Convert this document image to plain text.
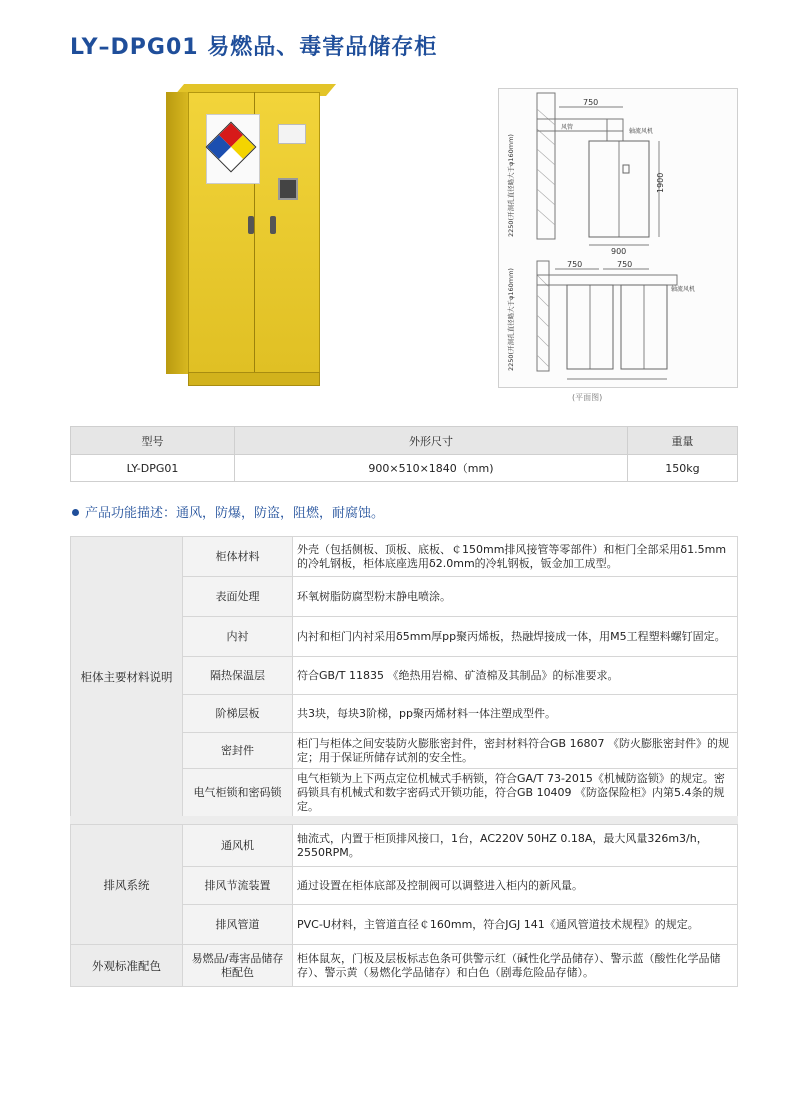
LY–DPG01 易燃品、毒害品储存柜
750
1900
900
2250(开洞孔直径略大于φ160mm)
轴流风机
风管
750	750
2250(开洞孔直径略大于φ160mm)	轴流风机
(平面图)
型号	外形尺寸	重量
LY-DPG01	900×510×1840（mm)	150kg
产品功能描述：通风，防爆，防盗，阻燃，耐腐蚀。
柜体主要材料说明	柜体材料	外壳（包括侧板、顶板、底板、￠150mm排风接管等零部件）和柜门全部采用δ1.5mm的冷轧钢板，柜体底座选用δ2.0mm的冷轧钢板，钣金加工成型。
	表面处理	环氧树脂防腐型粉末静电喷涂。
	内衬	内衬和柜门内衬采用δ5mm厚pp聚丙烯板，热融焊接成一体，用M5工程塑料螺钉固定。
	隔热保温层	符合GB/T 11835 《绝热用岩棉、矿渣棉及其制品》的标准要求。
	阶梯层板	共3块，每块3阶梯，pp聚丙烯材料一体注塑成型件。
	密封件	柜门与柜体之间安装防火膨胀密封件，密封材料符合GB 16807 《防火膨胀密封件》的规定；用于保证所储存试剂的安全性。
	电气柜锁和密码锁	电气柜锁为上下两点定位机械式手柄锁，符合GA/T 73-2015《机械防盗锁》的规定。密码锁具有机械式和数字密码式开锁功能，符合GB 10409 《防盗保险柜》内第5.4条的规定。
排风系统	通风机	轴流式，内置于柜顶排风接口，1台，AC220V 50HZ 0.18A，最大风量326m3/h，2550RPM。
	排风节流装置	通过设置在柜体底部及控制阀可以调整进入柜内的新风量。
	排风管道	PVC-U材料，主管道直径￠160mm，符合JGJ 141《通风管道技术规程》的规定。
外观标准配色	易燃品/毒害品储存柜配色	柜体鼠灰，门板及层板标志色条可供警示红（碱性化学品储存）、警示蓝（酸性化学品储存）、警示黄（易燃化学品储存）和白色（剧毒危险品存储）。
